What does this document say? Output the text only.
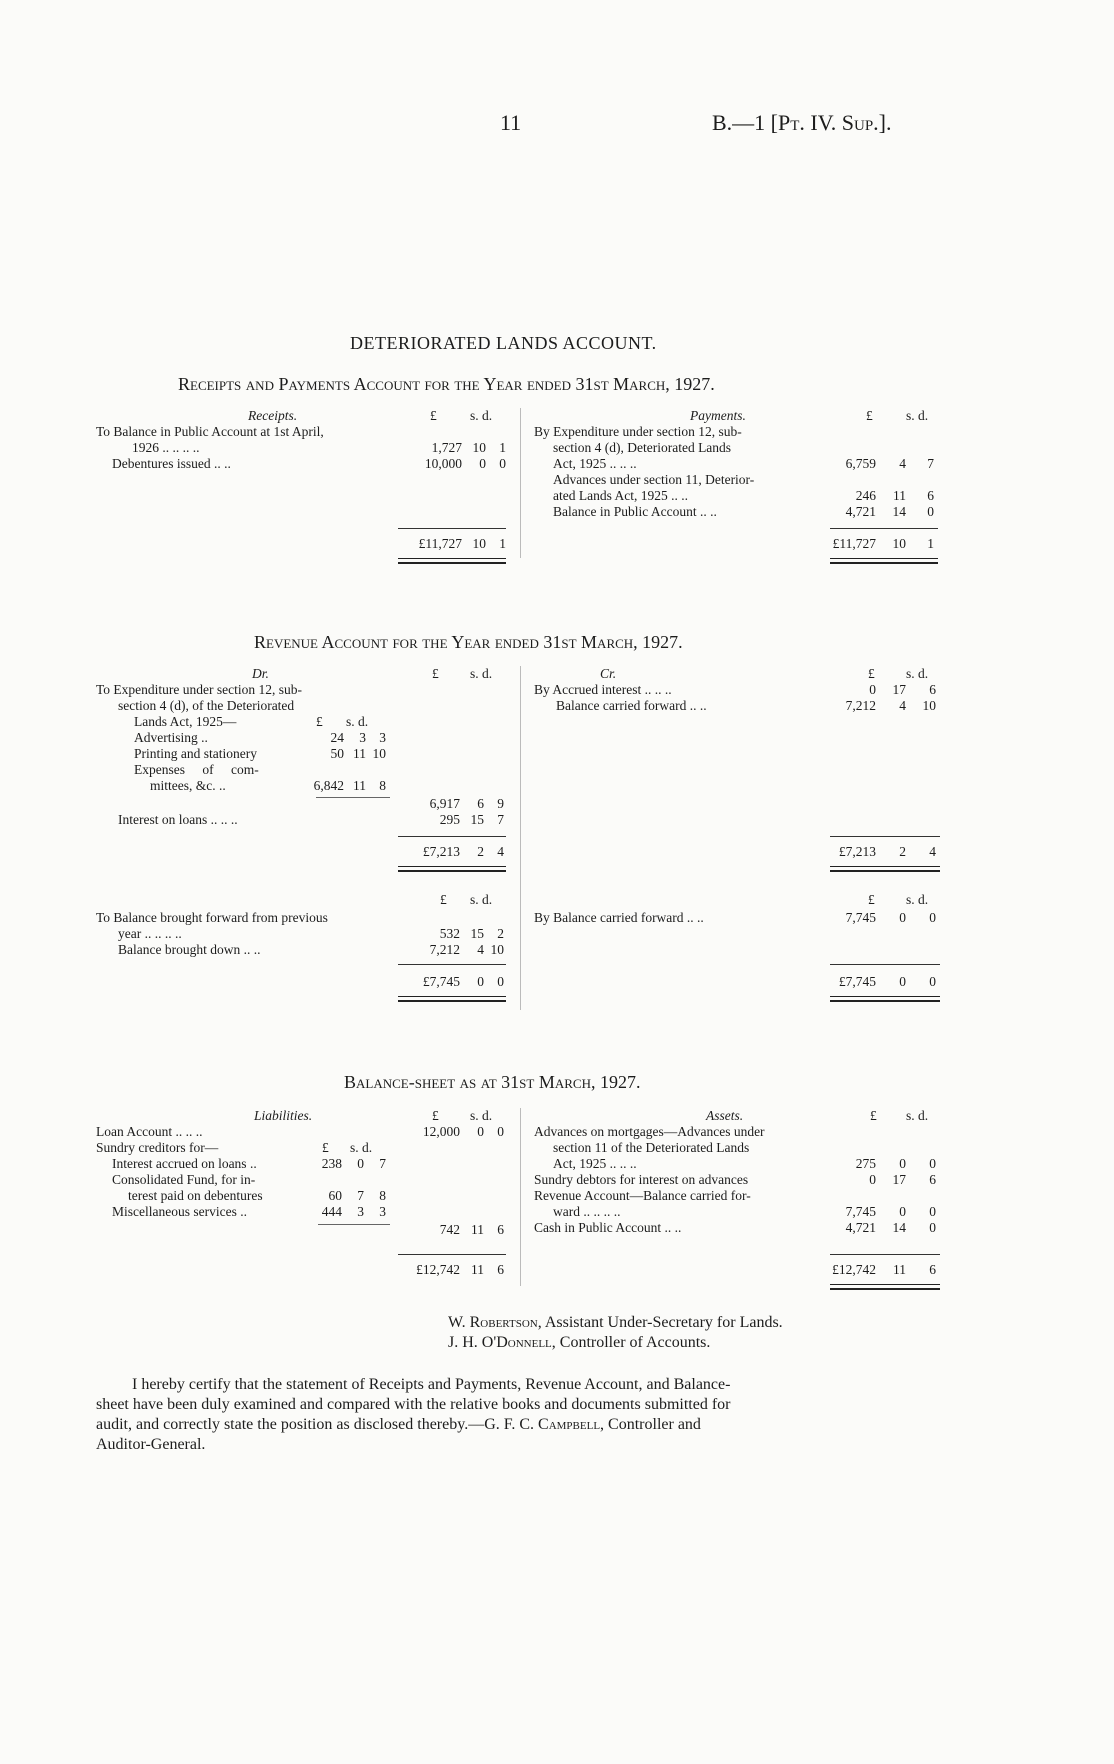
11	B.—1 [Pt. IV. Sup.].
DETERIORATED LANDS ACCOUNT.
Receipts and Payments Account for the Year ended 31st March, 1927.
Receipts.	£ s. d.
To Balance in Public Account at 1st April,
1926 .. .. .. ..	1,727 10 1
Debentures issued .. ..	10,000	0 0
£11,727 10 1
Payments.	£ s. d.
By Expenditure under section 12, sub-
section 4 (d), Deteriorated Lands
Act, 1925 .. .. ..	6,759	4	7
Advances under section 11, Deterior-
ated Lands Act, 1925 .. ..	246	11	6
Balance in Public Account .. ..	4,721	14	0
£11,727	10	1
Revenue Account for the Year ended 31st March, 1927.
Dr.	£ s. d.
To Expenditure under section 12, sub-
section 4 (d), of the Deteriorated
Lands Act, 1925—	£ s. d.
Advertising ..	24	3 3
Printing and stationery	50 11 10
Expenses of com-
mittees, &c. ..	6,842 11 8
6,917	6 9
Interest on loans .. .. ..	295 15 7
£7,213	2 4
Cr.	£ s. d.
By Accrued interest .. .. ..	0	17	6
Balance carried forward .. ..	7,212	4	10
£7,213	2	4
£ s. d.
To Balance brought forward from previous
year .. .. .. ..	532 15 2
Balance brought down .. ..	7,212	4 10
£7,745	0 0
£ s. d.
By Balance carried forward .. ..	7,745	0	0
£7,745	0	0
Balance-sheet as at 31st March, 1927.
Liabilities.	£ s. d.
Loan Account .. .. ..	12,000	0 0
Sundry creditors for—	£ s. d.
Interest accrued on loans ..	238	0	7
Consolidated Fund, for in-
terest paid on debentures	60	7	8
Miscellaneous services ..	444	3	3
742 11 6
£12,742 11 6
Assets.	£ s. d.
Advances on mortgages—Advances under
section 11 of the Deteriorated Lands
Act, 1925 .. .. ..	275	0	0
Sundry debtors for interest on advances	0	17	6
Revenue Account—Balance carried for-
ward .. .. .. ..	7,745	0	0
Cash in Public Account .. ..	4,721	14	0
£12,742	11	6
W. Robertson, Assistant Under-Secretary for Lands.
J. H. O'Donnell, Controller of Accounts.
I hereby certify that the statement of Receipts and Payments, Revenue Account, and Balance-
sheet have been duly examined and compared with the relative books and documents submitted for
audit, and correctly state the position as disclosed thereby.—G. F. C. Campbell, Controller and
Auditor-General.
